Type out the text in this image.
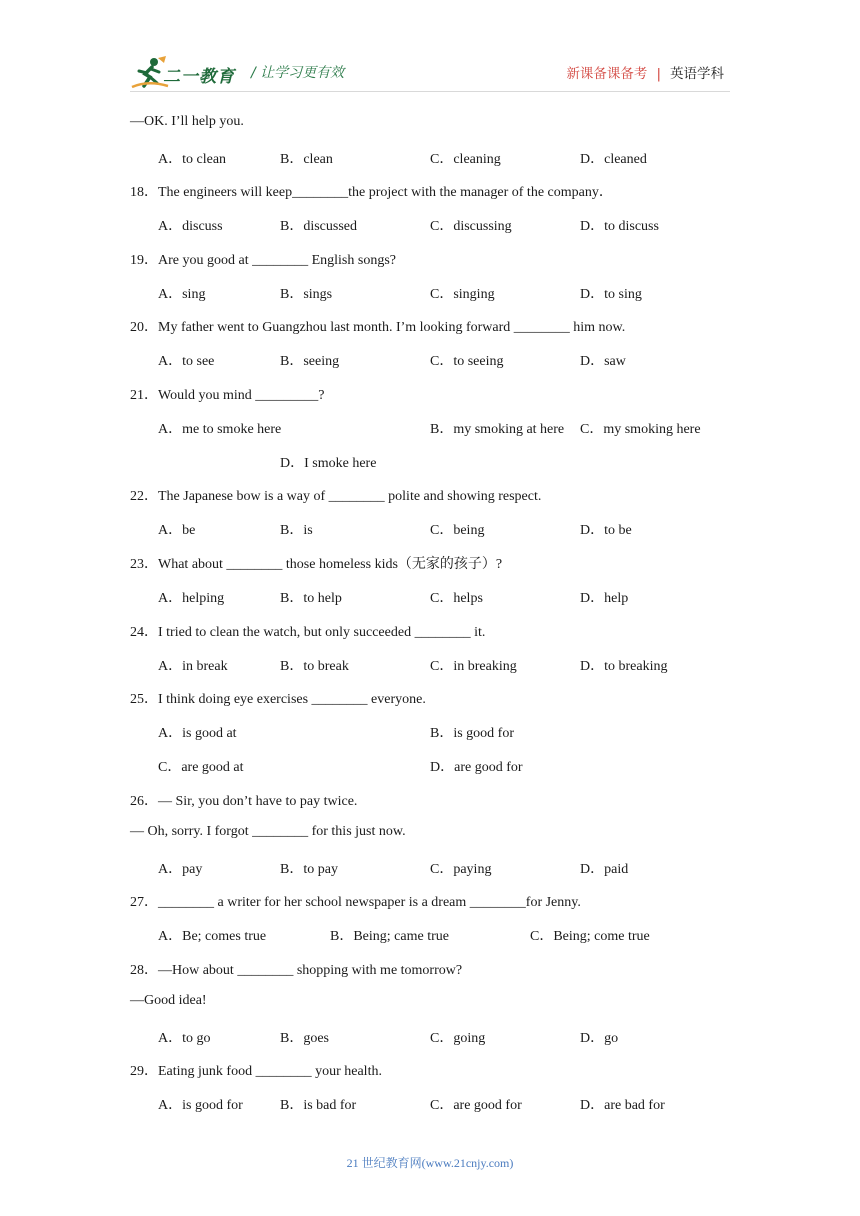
二一教育 / 让学习更有效	新课备课备考 | 英语学科
—OK. I’ll help you.
A．to clean	B．clean	C．cleaning	D．cleaned
18．The engineers will keep________the project with the manager of the company．
A．discuss	B．discussed	C．discussing	D．to discuss
19．Are you good at ________ English songs?
A．sing	B．sings	C．singing	D．to sing
20．My father went to Guangzhou last month. I’m looking forward ________ him now.
A．to see	B．seeing	C．to seeing	D．saw
21．Would you mind _________?
A．me to smoke here	B．my smoking at here C．my smoking here
D．I smoke here
22．The Japanese bow is a way of ________ polite and showing respect.
A．be	B．is	C．being	D．to be
23．What about ________ those homeless kids（无家的孩子）?
A．helping	B．to help	C．helps	D．help
24．I tried to clean the watch, but only succeeded ________ it.
A．in break	B．to break	C．in breaking	D．to breaking
25．I think doing eye exercises ________ everyone.
A．is good at	B．is good for
C．are good at	D．are good for
26．— Sir, you don’t have to pay twice.
— Oh, sorry. I forgot ________ for this just now.
A．pay	B．to pay	C．paying	D．paid
27．________ a writer for her school newspaper is a dream ________for Jenny.
A．Be; comes true	B．Being; came true	C．Being; come true
28．—How about ________ shopping with me tomorrow?
—Good idea!
A．to go	B．goes	C．going	D．go
29．Eating junk food ________ your health.
A．is good for	B．is bad for	C．are good for	D．are bad for
21 世纪教育网(www.21cnjy.com)
